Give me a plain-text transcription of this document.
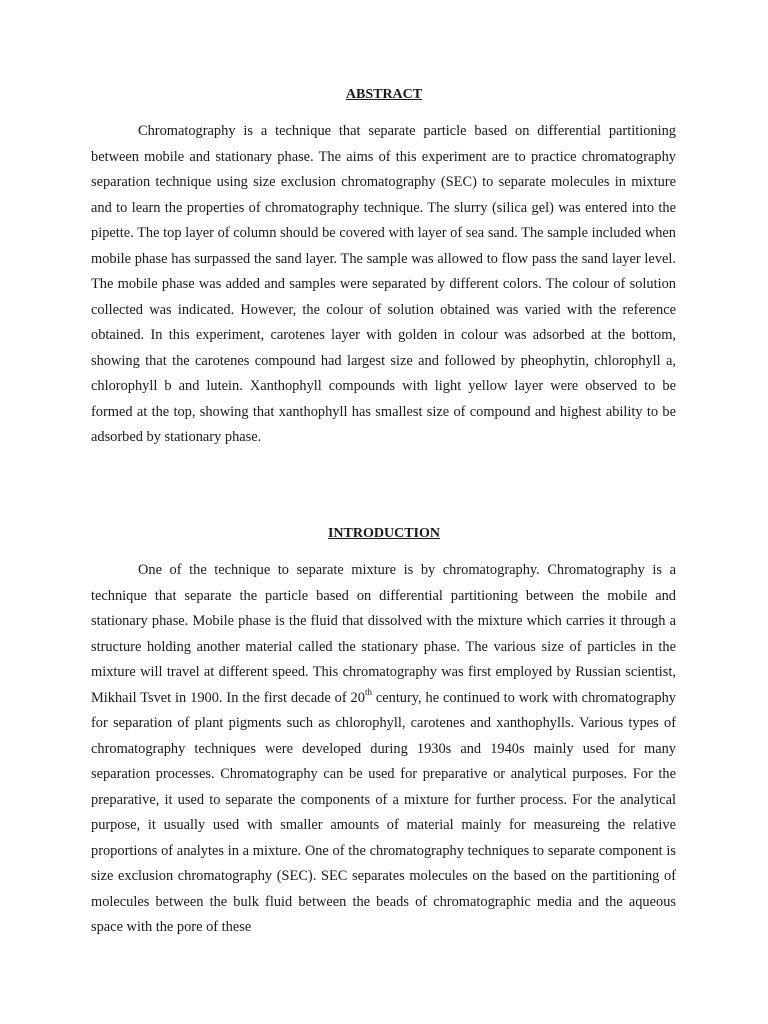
ABSTRACT

Chromatography is a technique that separate particle based on differential partitioning between mobile and stationary phase. The aims of this experiment are to practice chromatography separation technique using size exclusion chromatography (SEC) to separate molecules in mixture and to learn the properties of chromatography technique. The slurry (silica gel) was entered into the pipette. The top layer of column should be covered with layer of sea sand. The sample included when mobile phase has surpassed the sand layer. The sample was allowed to flow pass the sand layer level. The mobile phase was added and samples were separated by different colors. The colour of solution collected was indicated. However, the colour of solution obtained was varied with the reference obtained. In this experiment, carotenes layer with golden in colour was adsorbed at the bottom, showing that the carotenes compound had largest size and followed by pheophytin, chlorophyll a, chlorophyll b and lutein. Xanthophyll compounds with light yellow layer were observed to be formed at the top, showing that xanthophyll has smallest size of compound and highest ability to be adsorbed by stationary phase.

INTRODUCTION

One of the technique to separate mixture is by chromatography. Chromatography is a technique that separate the particle based on differential partitioning between the mobile and stationary phase. Mobile phase is the fluid that dissolved with the mixture which carries it through a structure holding another material called the stationary phase. The various size of particles in the mixture will travel at different speed. This chromatography was first employed by Russian scientist, Mikhail Tsvet in 1900. In the first decade of 20th century, he continued to work with chromatography for separation of plant pigments such as chlorophyll, carotenes and xanthophylls. Various types of chromatography techniques were developed during 1930s and 1940s mainly used for many separation processes. Chromatography can be used for preparative or analytical purposes. For the preparative, it used to separate the components of a mixture for further process. For the analytical purpose, it usually used with smaller amounts of material mainly for measureing the relative proportions of analytes in a mixture. One of the chromatography techniques to separate component is size exclusion chromatography (SEC). SEC separates molecules on the based on the partitioning of molecules between the bulk fluid between the beads of chromatographic media and the aqueous space with the pore of these
